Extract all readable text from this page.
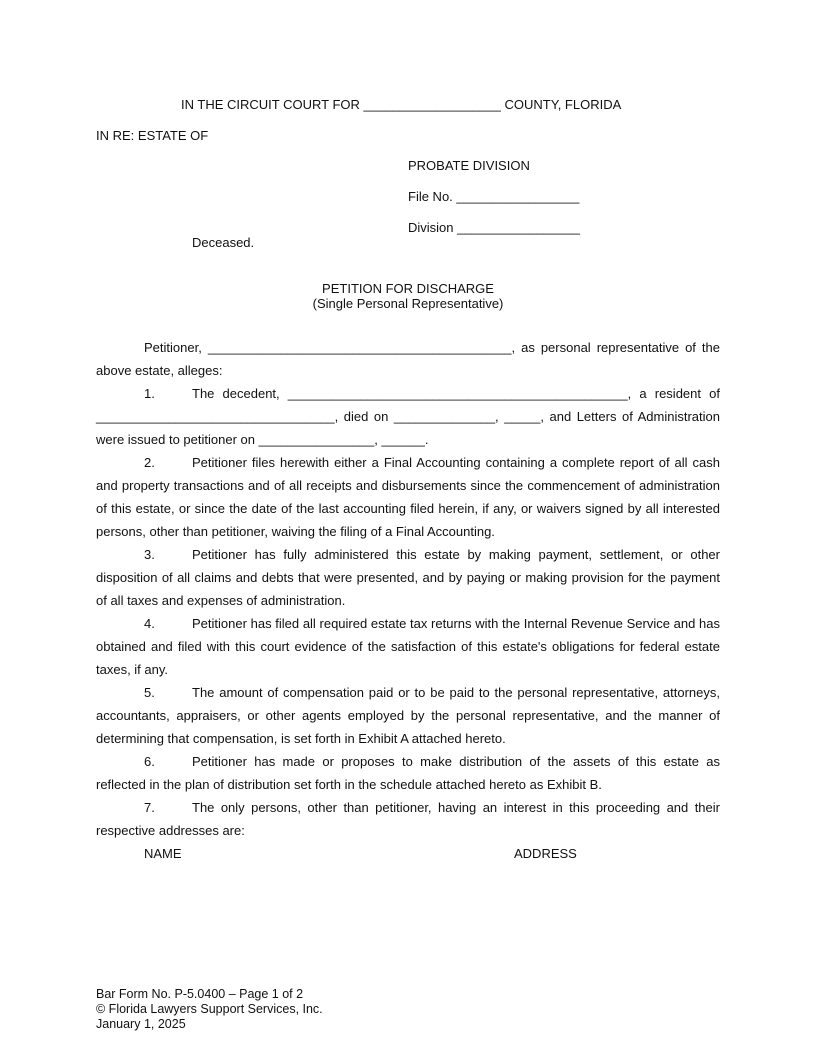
IN THE CIRCUIT COURT FOR ___________________ COUNTY, FLORIDA
IN RE: ESTATE OF
PROBATE DIVISION
File No. _________________
Division _________________
Deceased.
PETITION FOR DISCHARGE
(Single Personal Representative)

Petitioner, __________________________________________, as personal representative of the above estate, alleges:

1.	The decedent, _______________________________________________, a resident of _________________________________, died on ______________, _____, and Letters of Administration were issued to petitioner on ________________, ______.

2.	Petitioner files herewith either a Final Accounting containing a complete report of all cash and property transactions and of all receipts and disbursements since the commencement of administration of this estate, or since the date of the last accounting filed herein, if any, or waivers signed by all interested persons, other than petitioner, waiving the filing of a Final Accounting.

3.	Petitioner has fully administered this estate by making payment, settlement, or other disposition of all claims and debts that were presented, and by paying or making provision for the payment of all taxes and expenses of administration.

4.	Petitioner has filed all required estate tax returns with the Internal Revenue Service and has obtained and filed with this court evidence of the satisfaction of this estate's obligations for federal estate taxes, if any.

5.	The amount of compensation paid or to be paid to the personal representative, attorneys, accountants, appraisers, or other agents employed by the personal representative, and the manner of determining that compensation, is set forth in Exhibit A attached hereto.

6.	Petitioner has made or proposes to make distribution of the assets of this estate as reflected in the plan of distribution set forth in the schedule attached hereto as Exhibit B.

7.	The only persons, other than petitioner, having an interest in this proceeding and their respective addresses are:

NAME	ADDRESS
Bar Form No. P-5.0400 – Page 1 of 2
© Florida Lawyers Support Services, Inc.
January 1, 2025
